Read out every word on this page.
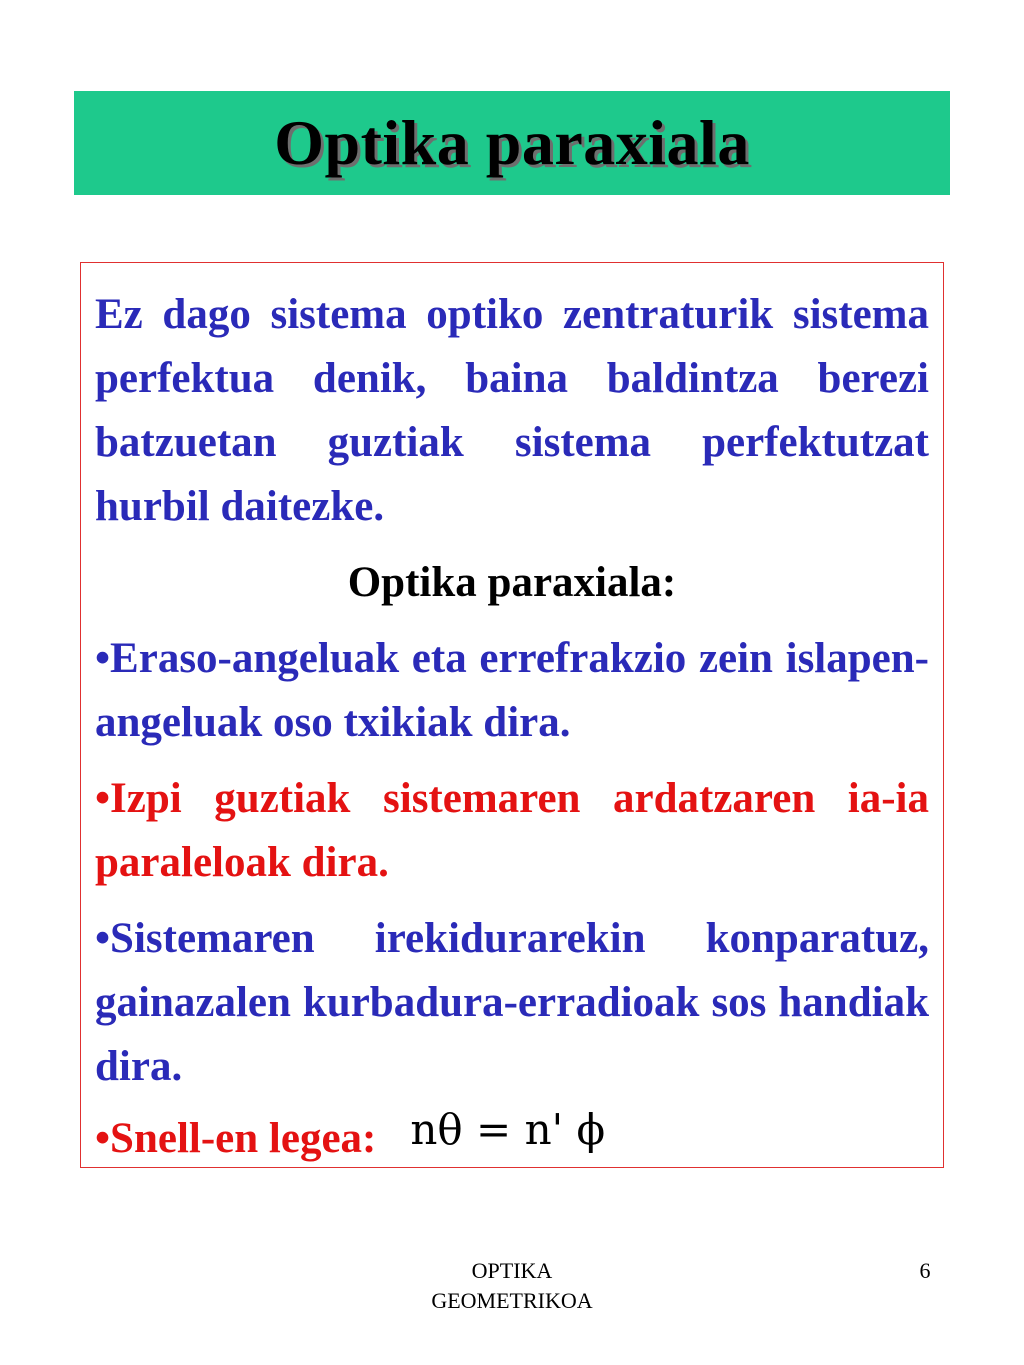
Optika paraxiala

Ez dago sistema optiko zentraturik sistema perfektua denik, baina baldintza berezi batzuetan guztiak sistema perfektutzat hurbil daitezke.

Optika paraxiala:

•Eraso-angeluak eta errefrakzio zein islapen-angeluak oso txikiak dira.

•Izpi guztiak sistemaren ardatzaren ia-ia paraleloak dira.

•Sistemaren irekidurarekin konparatuz, gainazalen kurbadura-erradioak sos handiak dira.

•Snell-en legea: nθ = n' ϕ
OPTIKA
GEOMETRIKOA
6
